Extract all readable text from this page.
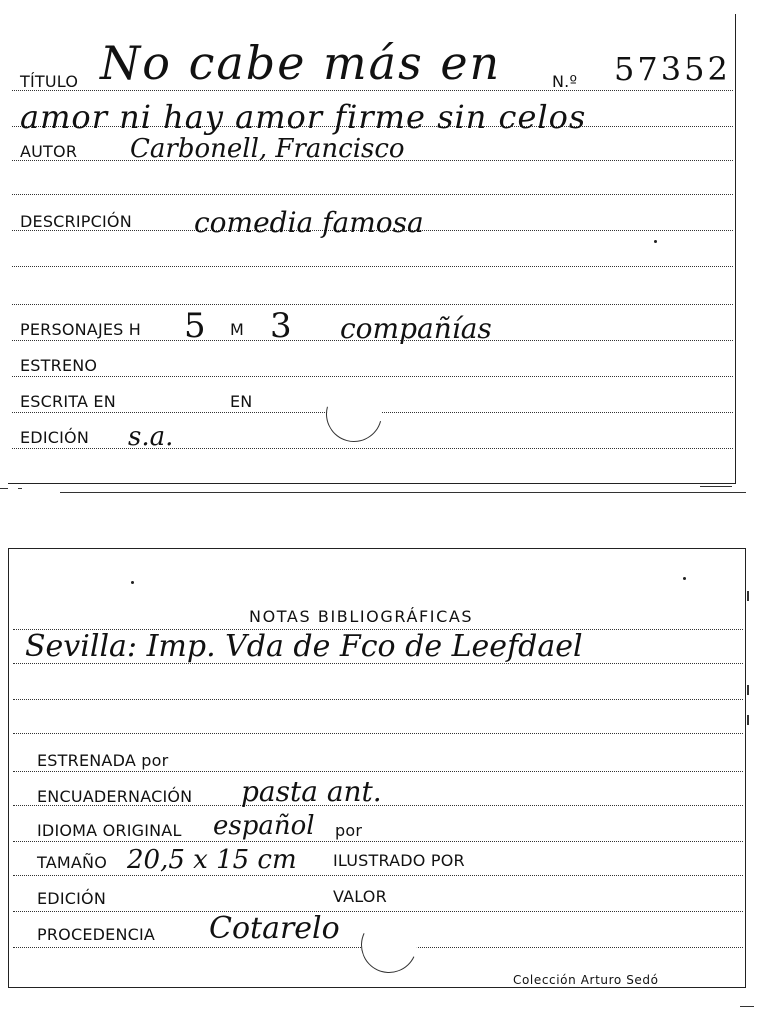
TÍTULO No cabe más en	N.º 57352
amor ni hay amor firme sin celos
AUTOR Carbonell, Francisco
DESCRIPCIÓN comedia famosa
PERSONAJES H 5 M 3 compañías
ESTRENO
ESCRITA EN	EN
EDICIÓN s.a.
NOTAS BIBLIOGRÁFICAS
Sevilla: Imp. Vda de Fco de Leefdael
ESTRENADA por
ENCUADERNACIÓN pasta ant.
IDIOMA ORIGINAL español por
TAMAÑO 20,5 x 15 cm ILUSTRADO POR
EDICIÓN	VALOR
PROCEDENCIA Cotarelo
Colección Arturo Sedó
